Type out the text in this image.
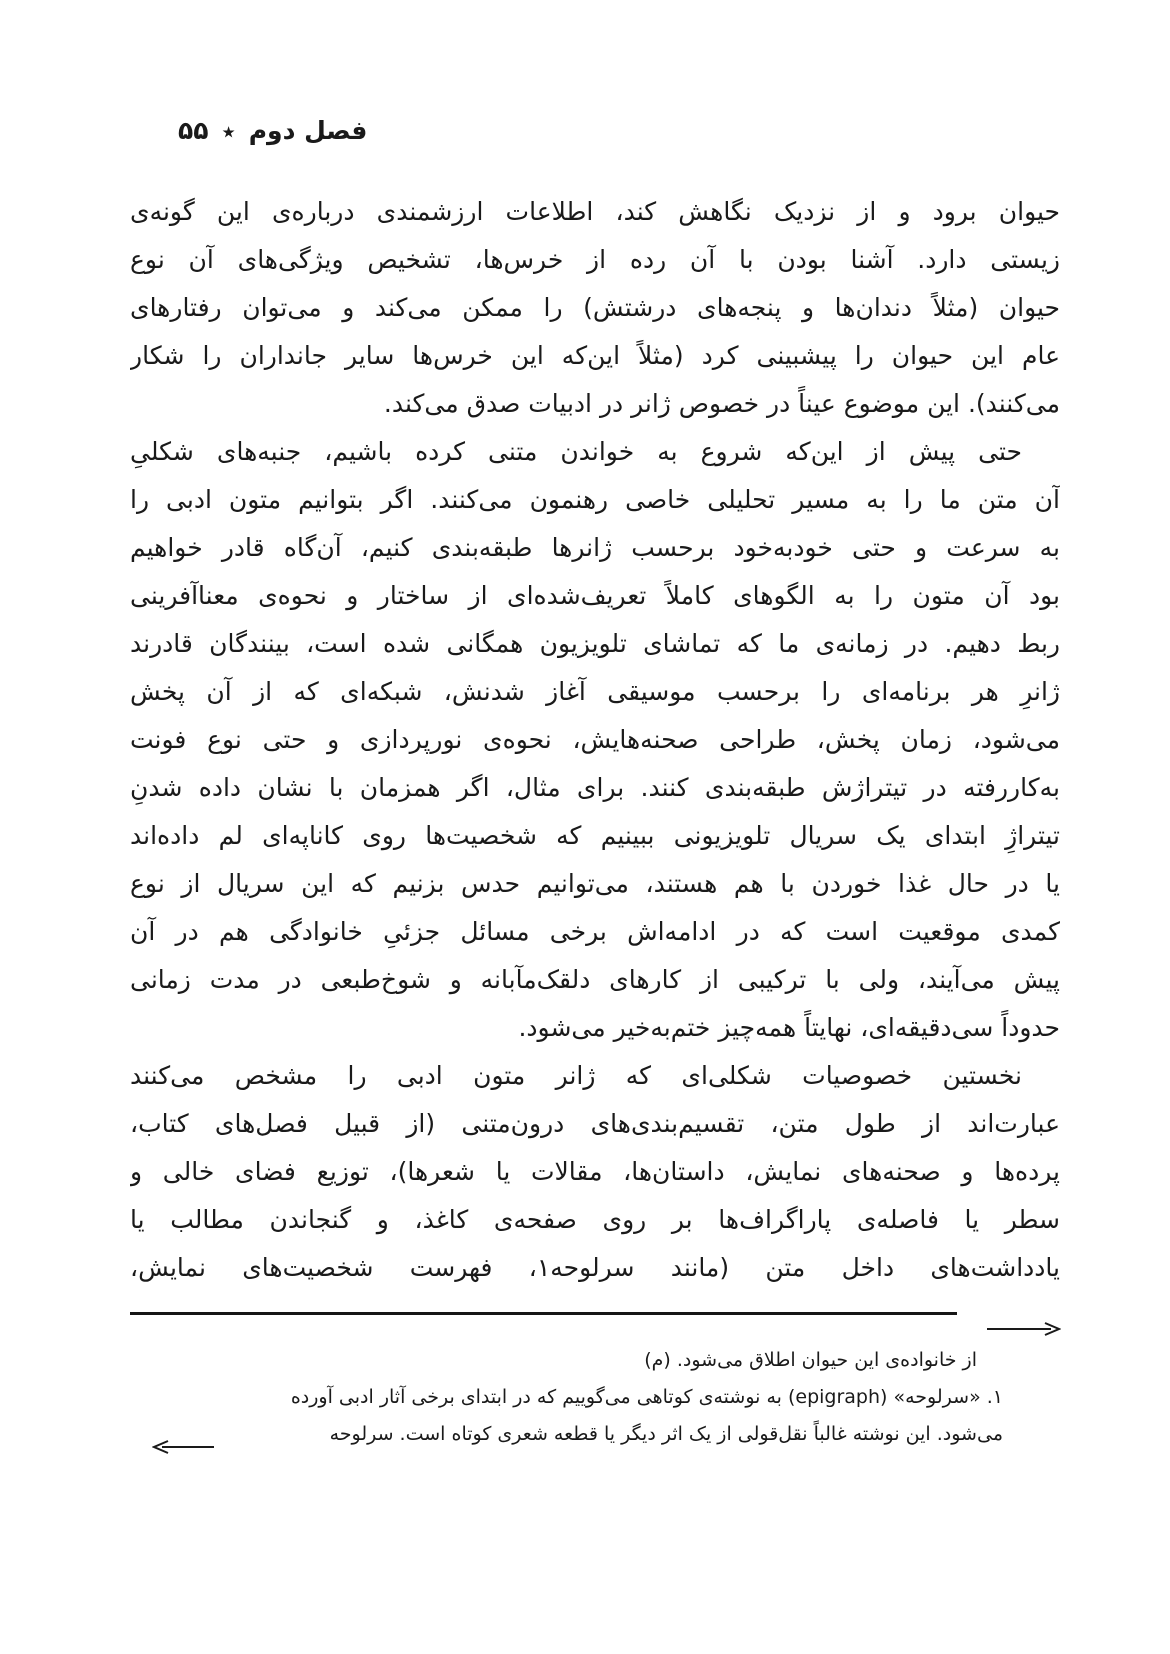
فصل دوم٭۵۵
حیوان برود و از نزدیک نگاهش کند، اطلاعات ارزشمندی درباره‌ی این گونه‌ی
زیستی دارد. آشنا بودن با آن رده از خرس‌ها، تشخیص ویژگی‌های آن نوع
حیوان (مثلاً دندان‌ها و پنجه‌های درشتش) را ممکن می‌کند و می‌توان رفتارهای
عام این حیوان را پیشبینی کرد (مثلاً این‌که این خرس‌ها سایر جانداران را شکار
می‌کنند). این موضوع عیناً در خصوص ژانر در ادبیات صدق می‌کند.
حتی پیش از این‌که شروع به خواندن متنی کرده باشیم، جنبه‌های شکلیِ
آن متن ما را به مسیر تحلیلی خاصی رهنمون می‌کنند. اگر بتوانیم متون ادبی را
به سرعت و حتی خودبه‌خود برحسب ژانرها طبقه‌بندی کنیم، آن‌گاه قادر خواهیم
بود آن متون را به الگوهای کاملاً تعریف‌شده‌ای از ساختار و نحوه‌ی معناآفرینی
ربط دهیم. در زمانه‌ی ما که تماشای تلویزیون همگانی شده است، بینندگان قادرند
ژانرِ هر برنامه‌ای را برحسب موسیقی آغاز شدنش، شبکه‌ای که از آن پخش
می‌شود، زمان پخش، طراحی صحنه‌هایش، نحوه‌ی نورپردازی و حتی نوع فونت
به‌کاررفته در تیتراژش طبقه‌بندی کنند. برای مثال، اگر همزمان با نشان داده شدنِ
تیتراژِ ابتدای یک سریال تلویزیونی ببینیم که شخصیت‌ها روی کاناپه‌ای لم داده‌اند
یا در حال غذا خوردن با هم هستند، می‌توانیم حدس بزنیم که این سریال از نوع
کمدی موقعیت است که در ادامه‌اش برخی مسائل جزئیِ خانوادگی هم در آن
پیش می‌آیند، ولی با ترکیبی از کارهای دلقک‌مآبانه و شوخ‌طبعی در مدت زمانی
حدوداً سی‌دقیقه‌ای، نهایتاً همه‌چیز ختم‌به‌خیر می‌شود.
نخستین خصوصیات شکلی‌ای که ژانر متون ادبی را مشخص می‌کنند
عبارت‌اند از طول متن، تقسیم‌بندی‌های درون‌متنی (از قبیل فصل‌های کتاب،
پرده‌ها و صحنه‌های نمایش، داستان‌ها، مقالات یا شعرها)، توزیع فضای خالی و
سطر یا فاصله‌ی پاراگراف‌ها بر روی صفحه‌ی کاغذ، و گنجاندن مطالب یا
یادداشت‌های داخل متن (مانند سرلوحه۱، فهرست شخصیت‌های نمایش،
از خانواده‌ی این حیوان اطلاق می‌شود. (م)
۱. «سرلوحه» (epigraph) به نوشته‌ی کوتاهی می‌گوییم که در ابتدای برخی آثار ادبی آورده
می‌شود. این نوشته غالباً نقل‌قولی از یک اثر دیگر یا قطعه شعری کوتاه است. سرلوحه
